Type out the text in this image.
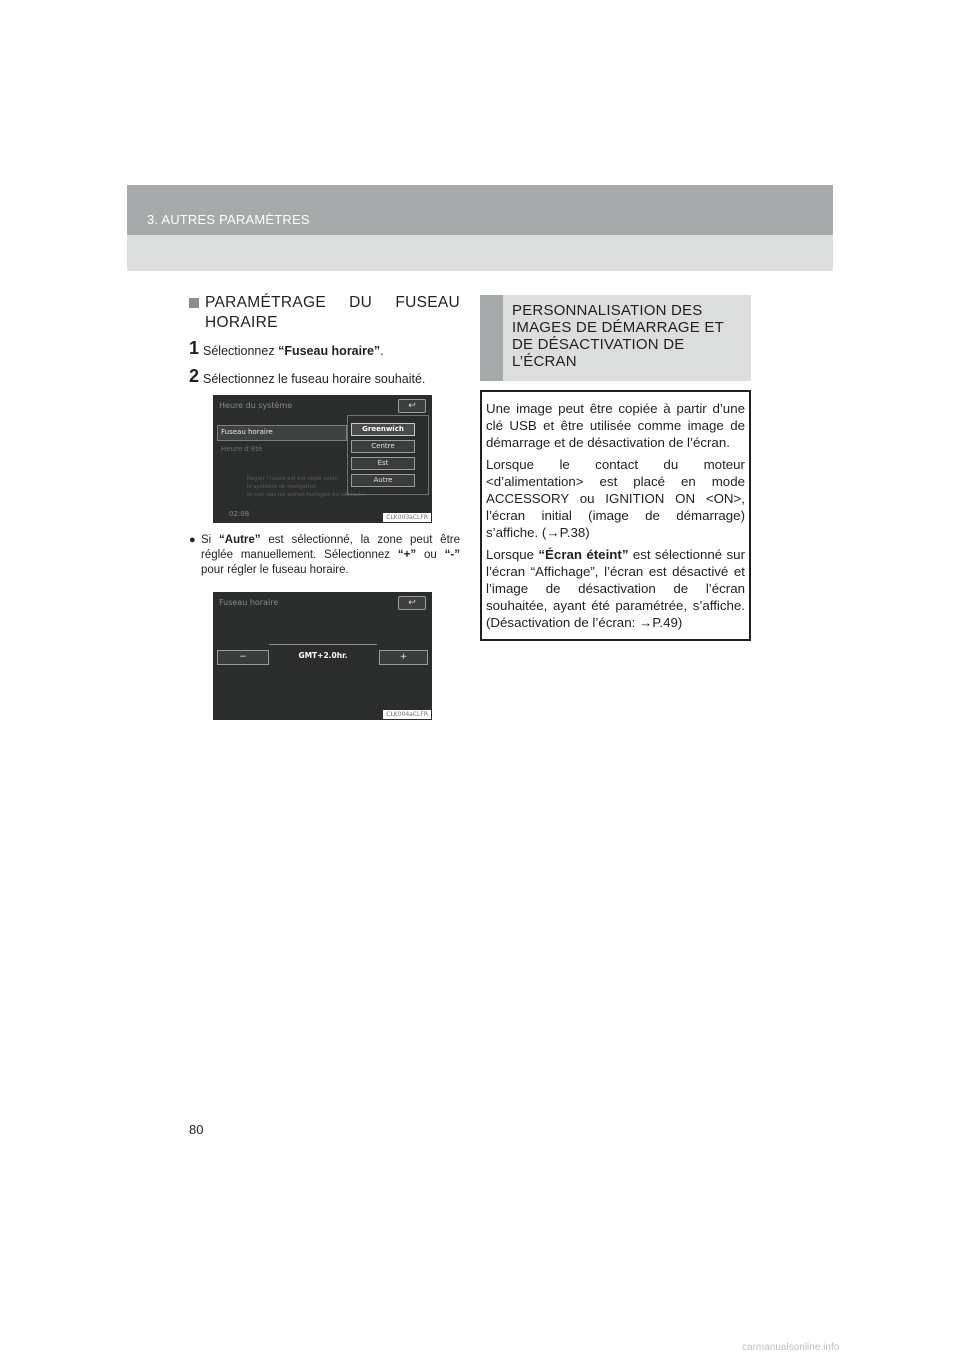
3. AUTRES PARAMÈTRES
PARAMÉTRAGE DU FUSEAU HORAIRE
1 Sélectionnez “Fuseau horaire”.
2 Sélectionnez le fuseau horaire souhaité.
Heure du système	↩
Fuseau horaire
Heure d’été
Greenwich
Centre
Est
Autre
Régler l’heure est est réglé selon
le système de navigation
et non pas les autres horloges du véhicule.
02:08	CLK003aCLFR
● Si “Autre” est sélectionné, la zone peut être réglée manuellement. Sélectionnez “+” ou “-” pour régler le fuseau horaire.
Fuseau horaire	↩
−	GMT+2.0hr.	+
CLK004aCLFR
PERSONNALISATION DES IMAGES DE DÉMARRAGE ET DE DÉSACTIVATION DE L’ÉCRAN

Une image peut être copiée à partir d’une clé USB et être utilisée comme image de démarrage et de désactivation de l’écran.

Lorsque le contact du moteur <d’alimentation> est placé en mode ACCESSORY ou IGNITION ON <ON>, l’écran initial (image de démarrage) s’affiche. (→P.38)

Lorsque “Écran éteint” est sélectionné sur l’écran “Affichage”, l’écran est désactivé et l’image de désactivation de l’écran souhaitée, ayant été paramétrée, s’affiche. (Désactivation de l’écran: →P.49)

80
carmanualsonline.info
